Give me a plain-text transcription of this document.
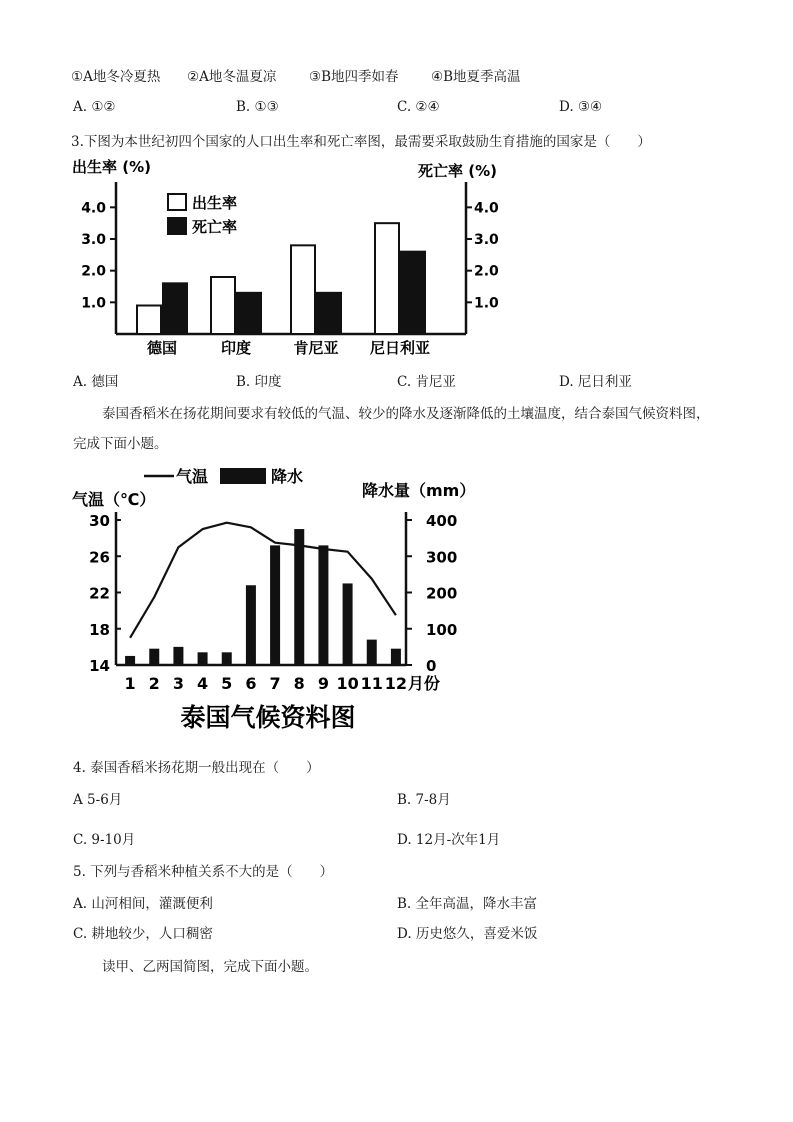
①A地冬冷夏热 ②A地冬温夏凉 ③B地四季如春 ④B地夏季高温
A. ①②	B. ①③	C. ②④	D. ③④
3.下图为本世纪初四个国家的人口出生率和死亡率图，最需要采取鼓励生育措施的国家是（　　）
4.0	4.0
3.0	3.0
2.0	2.0
1.0	1.0
出生率 (%)	死亡率 (%)
出生率
死亡率
德国	印度	肯尼亚 尼日利亚
A. 德国	B. 印度	C. 肯尼亚	D. 尼日利亚
泰国香稻米在扬花期间要求有较低的气温、较少的降水及逐渐降低的土壤温度，结合泰国气候资料图，
完成下面小题。
30
26
22
18
14
400
300
200
100
0
气温	降水
气温（℃）	降水量（mm）
1 2 3 4 5 6 7 8 9 10 11 12 月份
泰国气候资料图
4. 泰国香稻米扬花期一般出现在（　　）
A 5-6月	B. 7-8月
C. 9-10月	D. 12月-次年1月
5. 下列与香稻米种植关系不大的是（　　）
A. 山河相间，灌溉便利	B. 全年高温，降水丰富
C. 耕地较少，人口稠密	D. 历史悠久，喜爱米饭
读甲、乙两国简图，完成下面小题。
